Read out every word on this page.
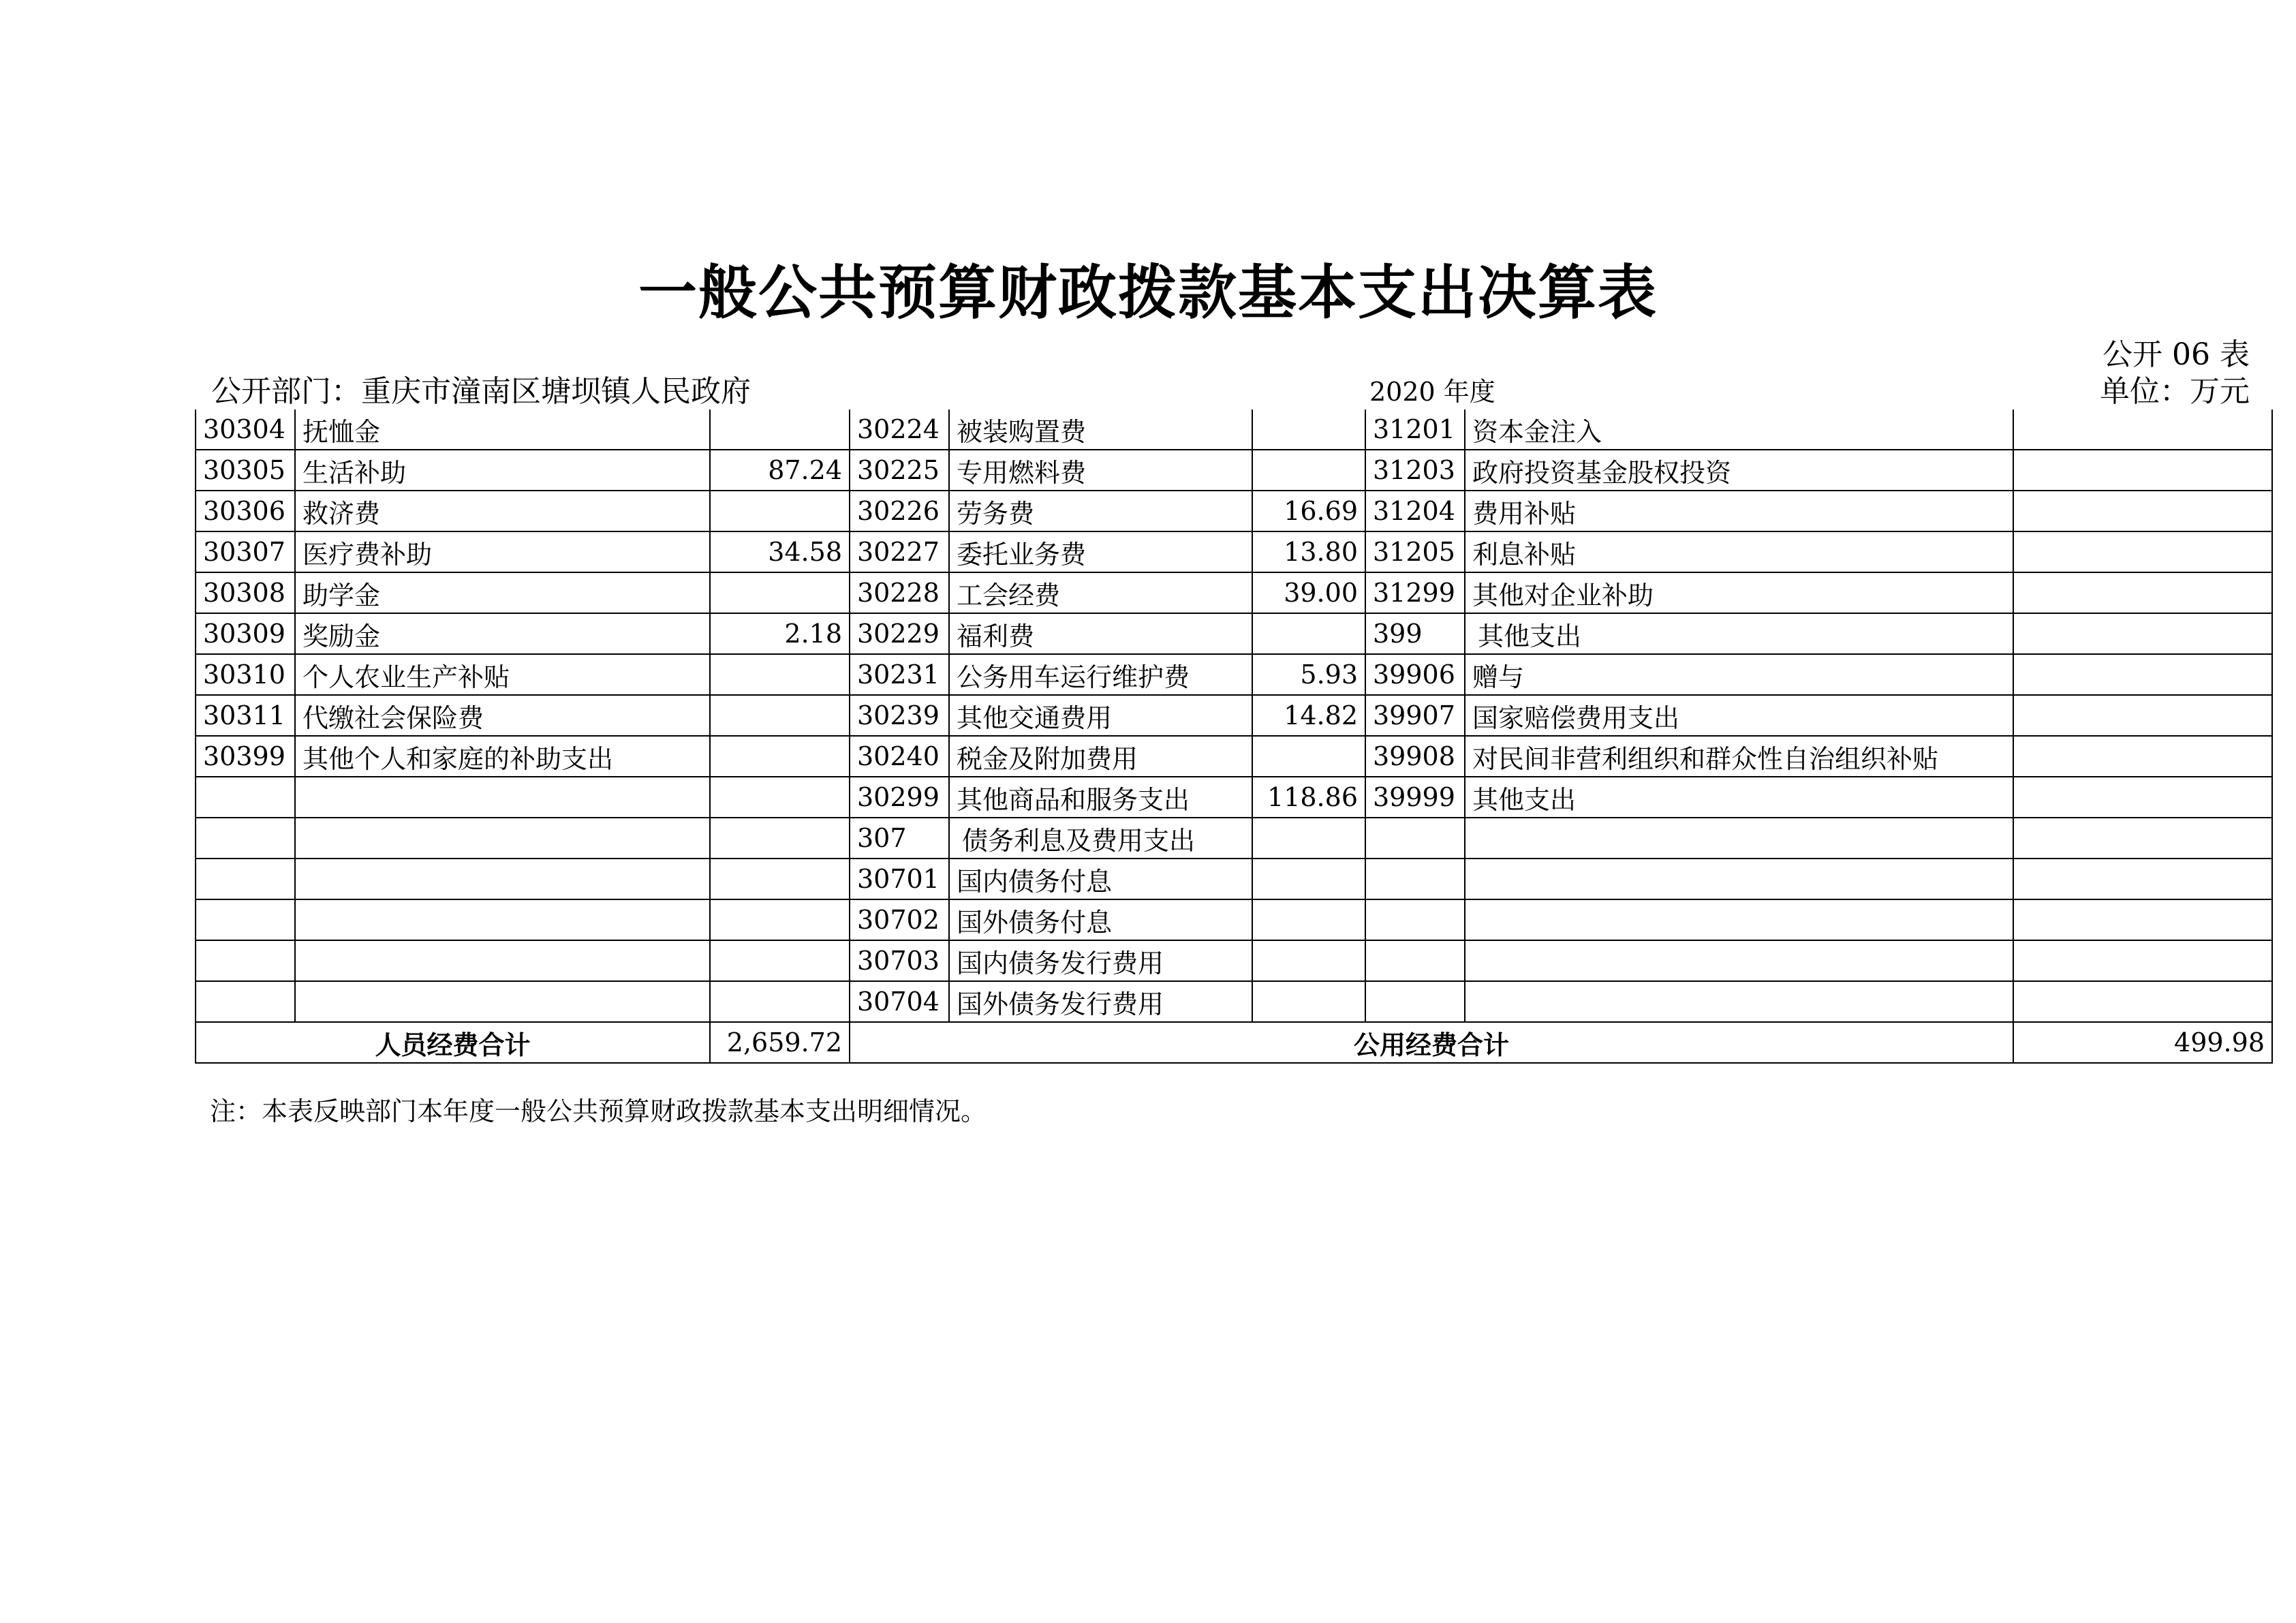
一般公共预算财政拨款基本支出决算表
公开 06 表
公开部门：重庆市潼南区塘坝镇人民政府	2020 年度	单位：万元
30304	抚恤金		30224	被装购置费		31201	资本金注入	
30305	生活补助	87.24	30225	专用燃料费		31203	政府投资基金股权投资	
30306	救济费		30226	劳务费	16.69	31204	费用补贴	
30307	医疗费补助	34.58	30227	委托业务费	13.80	31205	利息补贴	
30308	助学金		30228	工会经费	39.00	31299	其他对企业补助	
30309	奖励金	2.18	30229	福利费		399	其他支出	
30310	个人农业生产补贴		30231	公务用车运行维护费	5.93	39906	赠与	
30311	代缴社会保险费		30239	其他交通费用	14.82	39907	国家赔偿费用支出	
30399	其他个人和家庭的补助支出		30240	税金及附加费用		39908	对民间非营利组织和群众性自治组织补贴	
			30299	其他商品和服务支出	118.86	39999	其他支出	
			307	债务利息及费用支出				
			30701	国内债务付息				
			30702	国外债务付息				
			30703	国内债务发行费用				
			30704	国外债务发行费用				
人员经费合计		2,659.72	公用经费合计					499.98
注：本表反映部门本年度一般公共预算财政拨款基本支出明细情况。
